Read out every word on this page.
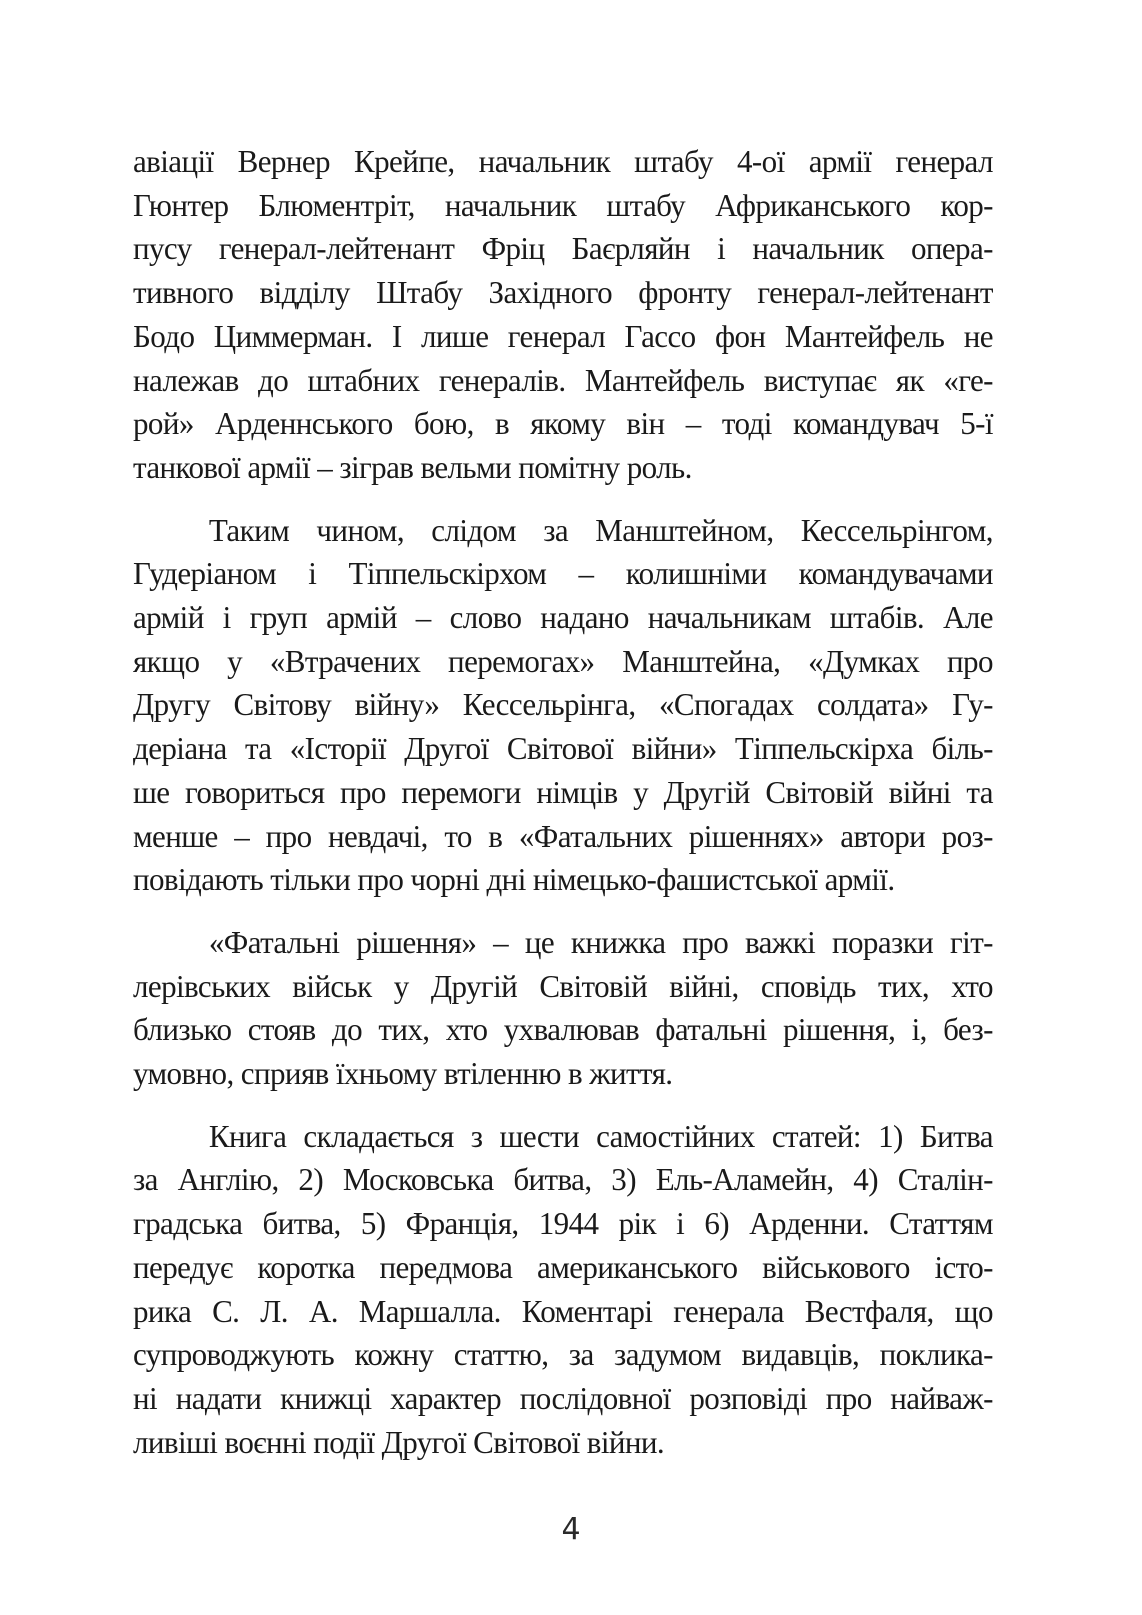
авіації Вернер Крейпе, начальник штабу 4-ої армії генерал
Гюнтер Блюментріт, начальник штабу Африканського кор-
пусу генерал-лейтенант Фріц Баєрляйн і начальник опера-
тивного відділу Штабу Західного фронту генерал-лейтенант
Бодо Циммерман. І лише генерал Гассо фон Мантейфель не
належав до штабних генералів. Мантейфель виступає як «ге-
рой» Арденнського бою, в якому він – тоді командувач 5-ї
танкової армії – зіграв вельми помітну роль.

Таким чином, слідом за Манштейном, Кессельрінгом,
Гудеріаном і Тіппельскірхом – колишніми командувачами
армій і груп армій – слово надано начальникам штабів. Але
якщо у «Втрачених перемогах» Манштейна, «Думках про
Другу Світову війну» Кессельрінга, «Спогадах солдата» Гу-
деріана та «Історії Другої Світової війни» Тіппельскірха біль-
ше говориться про перемоги німців у Другій Світовій війні та
менше – про невдачі, то в «Фатальних рішеннях» автори роз-
повідають тільки про чорні дні німецько-фашистської армії.

«Фатальні рішення» – це книжка про важкі поразки гіт-
лерівських військ у Другій Світовій війні, сповідь тих, хто
близько стояв до тих, хто ухвалював фатальні рішення, і, без-
умовно, сприяв їхньому втіленню в життя.

Книга складається з шести самостійних статей: 1) Битва
за Англію, 2) Московська битва, 3) Ель-Аламейн, 4) Сталін-
градська битва, 5) Франція, 1944 рік і 6) Арденни. Статтям
передує коротка передмова американського військового істо-
рика С. Л. А. Маршалла. Коментарі генерала Вестфаля, що
супроводжують кожну статтю, за задумом видавців, поклика-
ні надати книжці характер послідовної розповіді про найваж-
ливіші воєнні події Другої Світової війни.

4
